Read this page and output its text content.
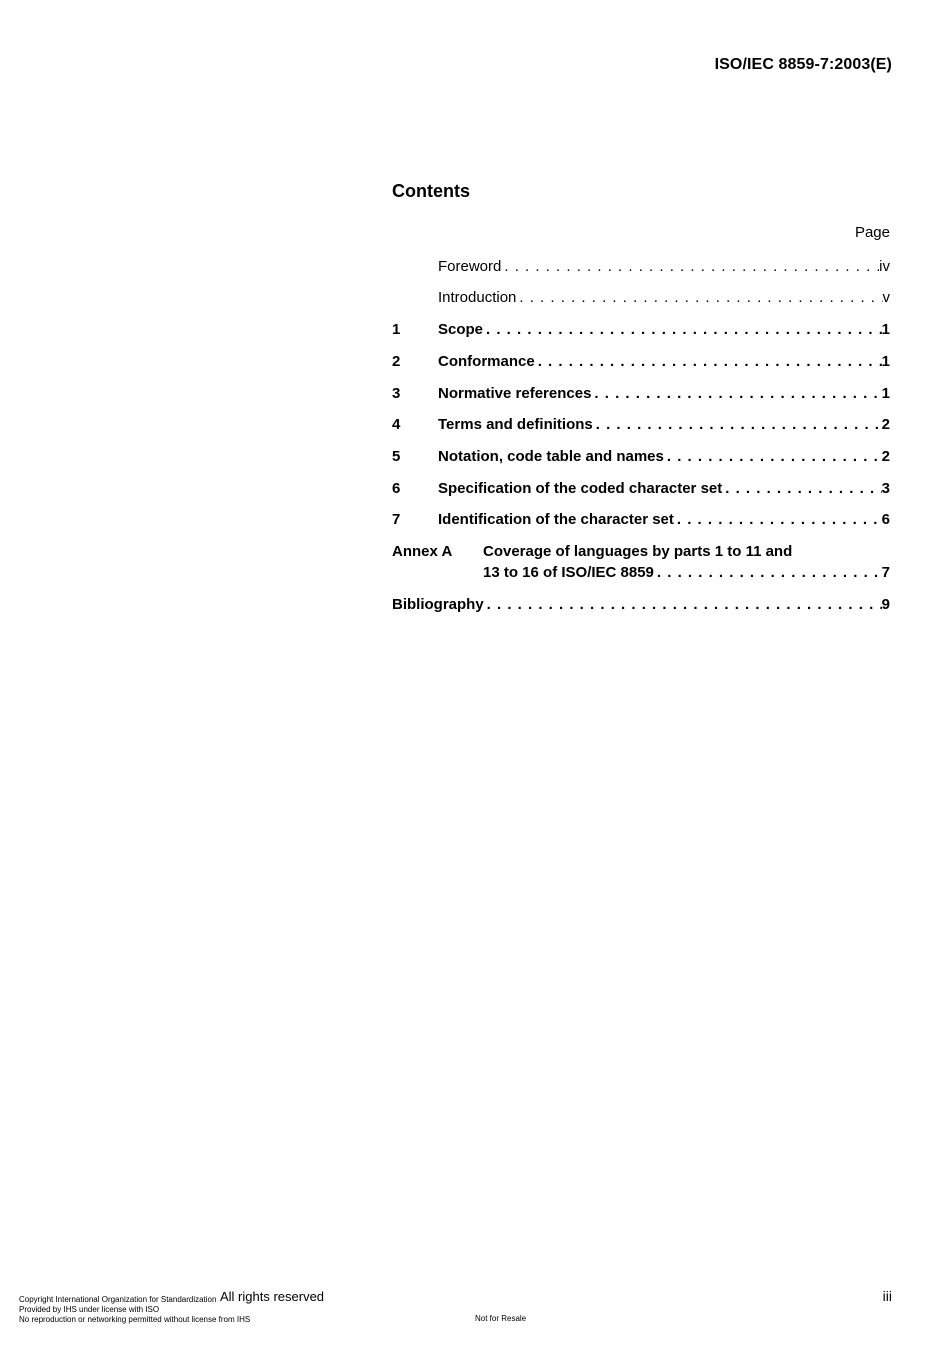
ISO/IEC 8859-7:2003(E)
Contents
Page
Foreword . . .	iv
Introduction . . .	v
1	Scope . . .	1
2	Conformance . . .	1
3	Normative references . . .	1
4	Terms and definitions . . .	2
5	Notation, code table and names . . .	2
6	Specification of the coded character set . . .	3
7	Identification of the character set . . .	6
Annex A Coverage of languages by parts 1 to 11 and
13 to 16 of ISO/IEC 8859 . . .	7
Bibliography . . .	9
All rights reserved	iii
Copyright International Organization for Standardization
Provided by IHS under license with ISO
No reproduction or networking permitted without license from IHS	Not for Resale
